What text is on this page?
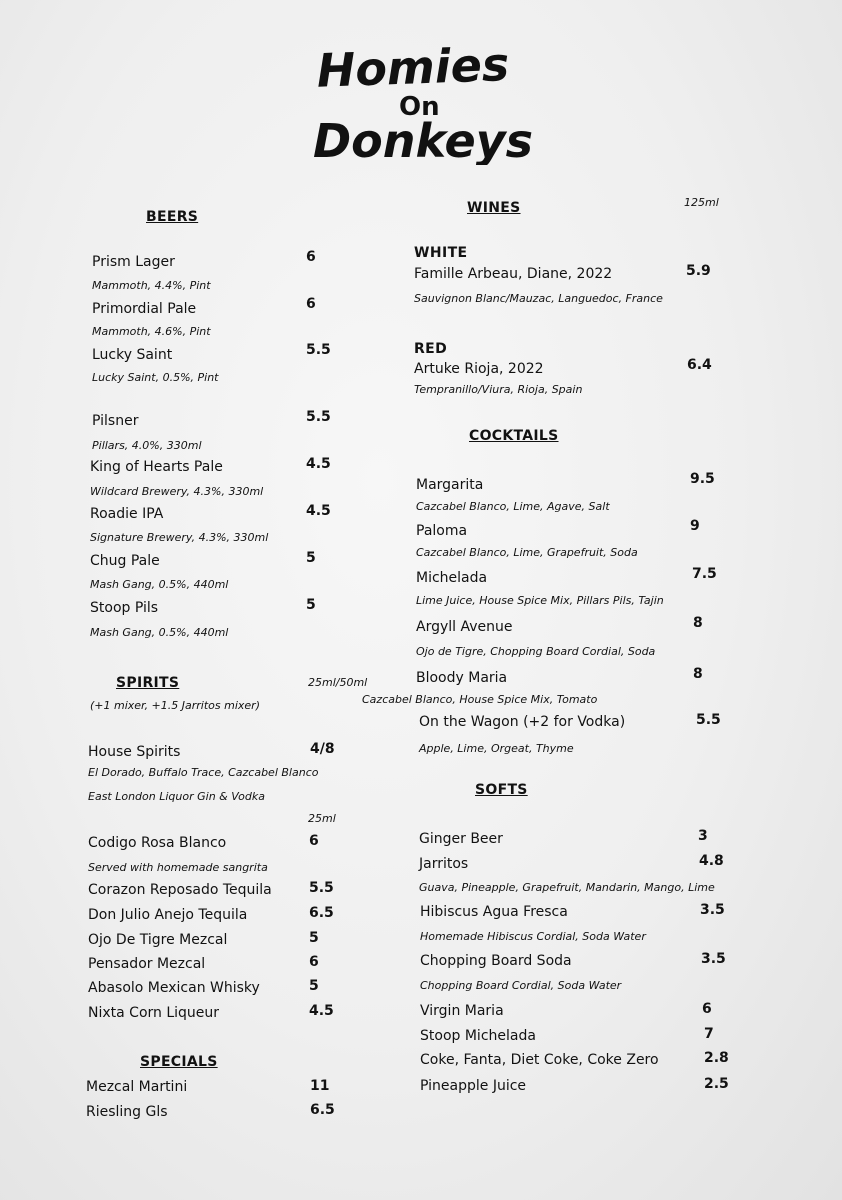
Homies
On
Donkeys
BEERS
Prism Lager	6
Mammoth, 4.4%, Pint
Primordial Pale	6
Mammoth, 4.6%, Pint
Lucky Saint	5.5
Lucky Saint, 0.5%, Pint
Pilsner	5.5
Pillars, 4.0%, 330ml
King of Hearts Pale	4.5
Wildcard Brewery, 4.3%, 330ml
Roadie IPA	4.5
Signature Brewery, 4.3%, 330ml
Chug Pale	5
Mash Gang, 0.5%, 440ml
Stoop Pils	5
Mash Gang, 0.5%, 440ml
SPIRITS	25ml/50ml
(+1 mixer, +1.5 Jarritos mixer)
House Spirits	4/8
El Dorado, Buffalo Trace, Cazcabel Blanco
East London Liquor Gin & Vodka
25ml
Codigo Rosa Blanco	6
Served with homemade sangrita
Corazon Reposado Tequila	5.5
Don Julio Anejo Tequila	6.5
Ojo De Tigre Mezcal	5
Pensador Mezcal	6
Abasolo Mexican Whisky	5
Nixta Corn Liqueur	4.5
SPECIALS
Mezcal Martini	11
Riesling Gls	6.5
WINES	125ml
WHITE
Famille Arbeau, Diane, 2022	5.9
Sauvignon Blanc/Mauzac, Languedoc, France
RED
Artuke Rioja, 2022	6.4
Tempranillo/Viura, Rioja, Spain
COCKTAILS
Margarita	9.5
Cazcabel Blanco, Lime, Agave, Salt
Paloma	9
Cazcabel Blanco, Lime, Grapefruit, Soda
Michelada	7.5
Lime Juice, House Spice Mix, Pillars Pils, Tajin
Argyll Avenue	8
Ojo de Tigre, Chopping Board Cordial, Soda
Bloody Maria	8
Cazcabel Blanco, House Spice Mix, Tomato
On the Wagon (+2 for Vodka)	5.5
Apple, Lime, Orgeat, Thyme
SOFTS
Ginger Beer	3
Jarritos	4.8
Guava, Pineapple, Grapefruit, Mandarin, Mango, Lime
Hibiscus Agua Fresca	3.5
Homemade Hibiscus Cordial, Soda Water
Chopping Board Soda	3.5
Chopping Board Cordial, Soda Water
Virgin Maria	6
Stoop Michelada	7
Coke, Fanta, Diet Coke, Coke Zero	2.8
Pineapple Juice	2.5
